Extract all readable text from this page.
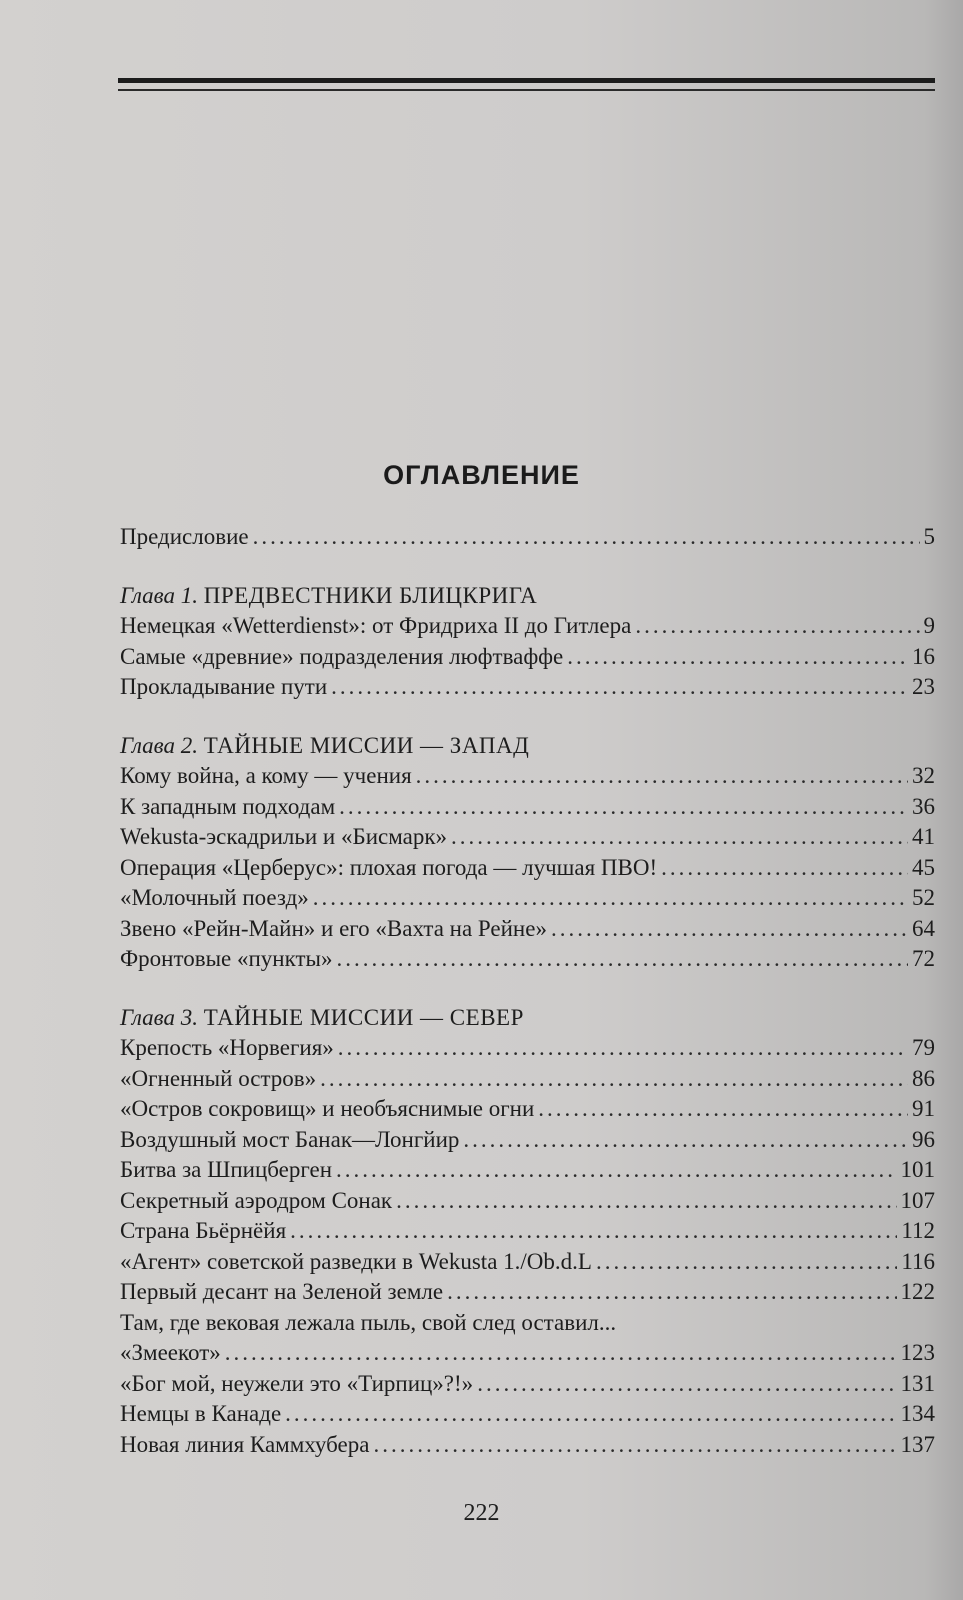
ОГЛАВЛЕНИЕ
Предисловие .....	5
Глава 1. ПРЕДВЕСТНИКИ БЛИЦКРИГА
Немецкая «Wetterdienst»: от Фридриха II до Гитлера .....	9
Самые «древние» подразделения люфтваффе .....	16
Прокладывание пути .....	23
Глава 2. ТАЙНЫЕ МИССИИ — ЗАПАД
Кому война, а кому — учения .....	32
К западным подходам .....	36
Wekusta-эскадрильи и «Бисмарк» .....	41
Операция «Церберус»: плохая погода — лучшая ПВО! .....	45
«Молочный поезд» .....	52
Звено «Рейн-Майн» и его «Вахта на Рейне» .....	64
Фронтовые «пункты» .....	72
Глава 3. ТАЙНЫЕ МИССИИ — СЕВЕР
Крепость «Норвегия» .....	79
«Огненный остров» .....	86
«Остров сокровищ» и необъяснимые огни .....	91
Воздушный мост Банак—Лонгйир .....	96
Битва за Шпицберген .....	101
Секретный аэродром Сонак .....	107
Страна Бьёрнёйя .....	112
«Агент» советской разведки в Wekusta 1./Ob.d.L .....	116
Первый десант на Зеленой земле .....	122
Там, где вековая лежала пыль, свой след оставил...
«Змеекот» .....	123
«Бог мой, неужели это «Тирпиц»?!» .....	131
Немцы в Канаде .....	134
Новая линия Каммхубера .....	137
222
